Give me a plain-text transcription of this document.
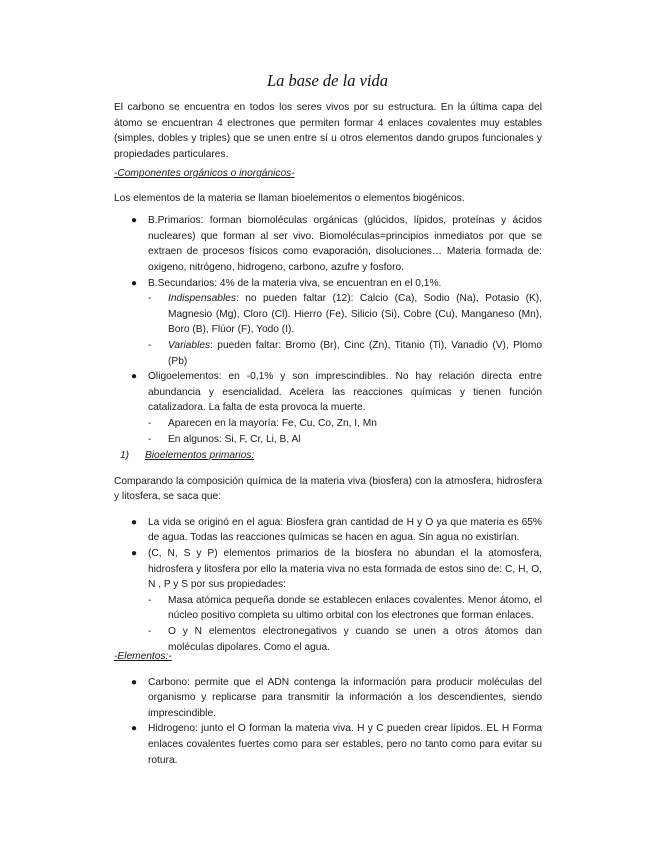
La base de la vida

El carbono se encuentra en todos los seres vivos por su estructura. En la última capa del átomo se encuentran 4 electrones que permiten formar 4 enlaces covalentes muy estables (simples, dobles y triples) que se unen entre sí u otros elementos dando grupos funcionales y propiedades particulares.

-Componentes orgánicos o inorgánicos-

Los elementos de la materia se llaman bioelementos o elementos biogénicos.

● B.Primarios: forman biomoléculas orgánicas (glúcidos, lípidos, proteínas y ácidos nucleares) que forman al ser vivo. Biomoléculas=principios inmediatos por que se extraen de procesos físicos como evaporación, disoluciones… Materia formada de: oxigeno, nitrógeno, hidrogeno, carbono, azufre y fosforo.
● B.Secundarios: 4% de la materia viva, se encuentran en el 0,1%.
- Indispensables: no pueden faltar (12): Calcio (Ca), Sodio (Na), Potasio (K), Magnesio (Mg), Cloro (Cl). Hierro (Fe), Silicio (Si), Cobre (Cu), Manganeso (Mn), Boro (B), Flúor (F), Yodo (I).
- Variables: pueden faltar: Bromo (Br), Cinc (Zn), Titanio (Ti), Vanadio (V), Plomo (Pb)
● Oligoelementos: en -0,1% y son imprescindibles. No hay relación directa entre abundancia y esencialidad. Acelera las reacciones químicas y tienen función catalizadora. La falta de esta provoca la muerte.
- Aparecen en la mayoría: Fe, Cu, Co, Zn, I, Mn
- En algunos: Si, F, Cr, Li, B, Al

1) Bioelementos primarios:

Comparando la composición química de la materia viva (biosfera) con la atmosfera, hidrosfera y litosfera, se saca que:

● La vida se originó en el agua: Biosfera gran cantidad de H y O ya que materia es 65% de agua. Todas las reacciones químicas se hacen en agua. Sin agua no existirían.
● (C, N, S y P) elementos primarios de la biosfera no abundan el la atomosfera, hidrosfera y litosfera por ello la materia viva no esta formada de estos sino de: C, H, O, N , P y S por sus propiedades:
- Masa atómica pequeña donde se establecen enlaces covalentes. Menor átomo, el núcleo positivo completa su ultimo orbital con los electrones que forman enlaces.
- O y N elementos electronegativos y cuando se unen a otros átomos dan moléculas dipolares. Como el agua.

-Elementos:-

● Carbono: permite que el ADN contenga la información para producir moléculas del organismo y replicarse para transmitir la información a los descendientes, siendo imprescindible.
● Hidrogeno: junto el O forman la materia viva. H y C pueden crear lípidos. EL H Forma enlaces covalentes fuertes como para ser estables, pero no tanto como para evitar su rotura.
